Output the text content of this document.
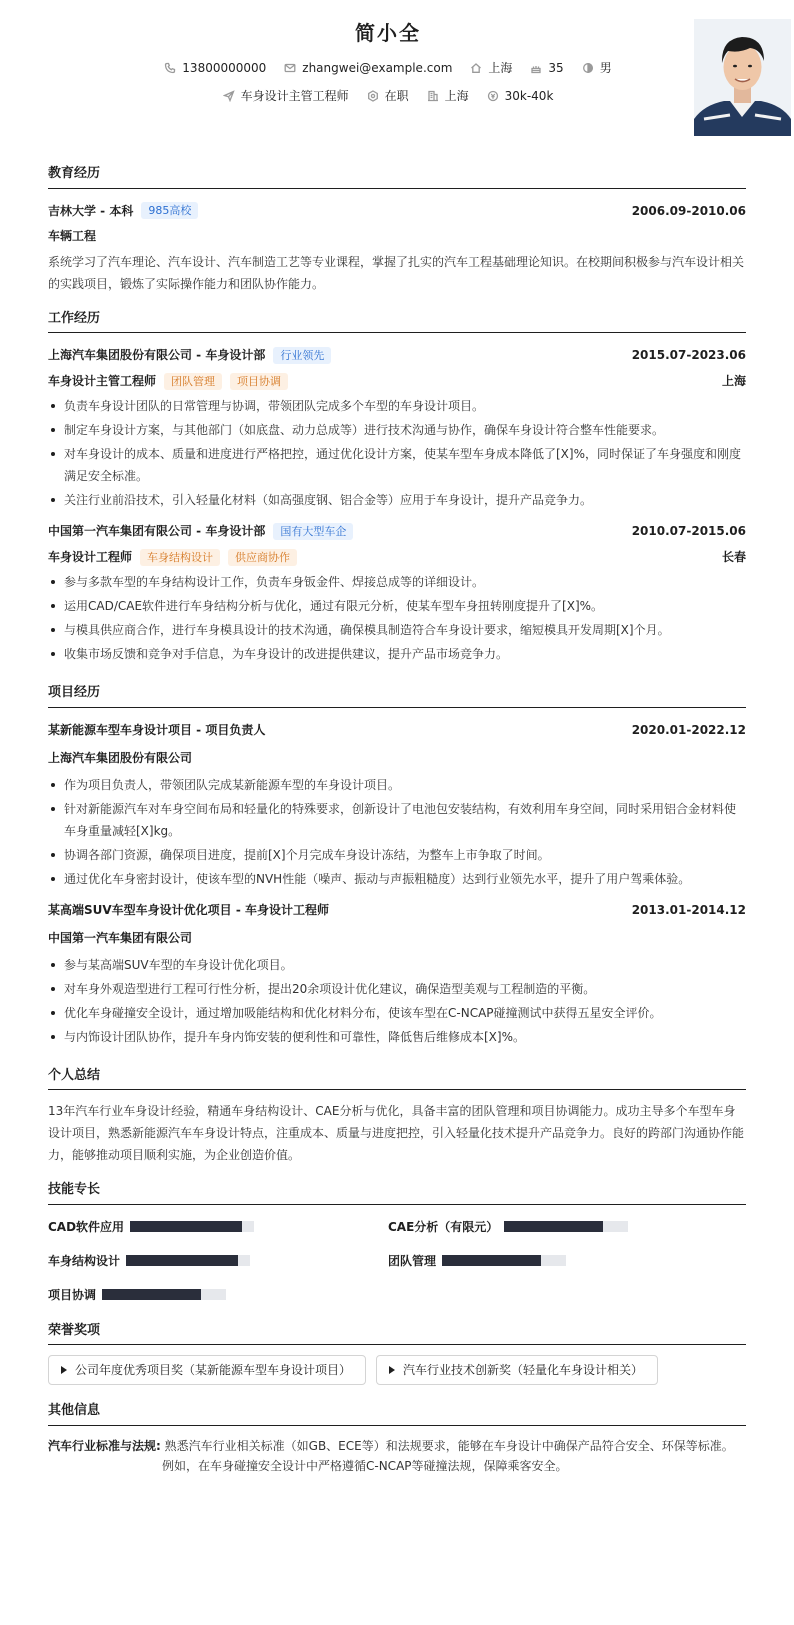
简小全
13800000000	zhangwei@example.com	上海	35	男
车身设计主管工程师	在职	上海	30k-40k
教育经历
吉林大学 - 本科	985高校	2006.09-2010.06
车辆工程
系统学习了汽车理论、汽车设计、汽车制造工艺等专业课程，掌握了扎实的汽车工程基础理论知识。在校期间积极参与汽车设计相关的实践项目，锻炼了实际操作能力和团队协作能力。
工作经历
上海汽车集团股份有限公司 - 车身设计部	行业领先	2015.07-2023.06
车身设计主管工程师	团队管理	项目协调	上海
负责车身设计团队的日常管理与协调，带领团队完成多个车型的车身设计项目。
制定车身设计方案，与其他部门（如底盘、动力总成等）进行技术沟通与协作，确保车身设计符合整车性能要求。
对车身设计的成本、质量和进度进行严格把控，通过优化设计方案，使某车型车身成本降低了[X]%，同时保证了车身强度和刚度满足安全标准。
关注行业前沿技术，引入轻量化材料（如高强度钢、铝合金等）应用于车身设计，提升产品竞争力。
中国第一汽车集团有限公司 - 车身设计部	国有大型车企	2010.07-2015.06
车身设计工程师	车身结构设计	供应商协作	长春
参与多款车型的车身结构设计工作，负责车身钣金件、焊接总成等的详细设计。
运用CAD/CAE软件进行车身结构分析与优化，通过有限元分析，使某车型车身扭转刚度提升了[X]%。
与模具供应商合作，进行车身模具设计的技术沟通，确保模具制造符合车身设计要求，缩短模具开发周期[X]个月。
收集市场反馈和竞争对手信息，为车身设计的改进提供建议，提升产品市场竞争力。
项目经历
某新能源车型车身设计项目 - 项目负责人	2020.01-2022.12
上海汽车集团股份有限公司
作为项目负责人，带领团队完成某新能源车型的车身设计项目。
针对新能源汽车对车身空间布局和轻量化的特殊要求，创新设计了电池包安装结构，有效利用车身空间，同时采用铝合金材料使车身重量减轻[X]kg。
协调各部门资源，确保项目进度，提前[X]个月完成车身设计冻结，为整车上市争取了时间。
通过优化车身密封设计，使该车型的NVH性能（噪声、振动与声振粗糙度）达到行业领先水平，提升了用户驾乘体验。
某高端SUV车型车身设计优化项目 - 车身设计工程师	2013.01-2014.12
中国第一汽车集团有限公司
参与某高端SUV车型的车身设计优化项目。
对车身外观造型进行工程可行性分析，提出20余项设计优化建议，确保造型美观与工程制造的平衡。
优化车身碰撞安全设计，通过增加吸能结构和优化材料分布，使该车型在C-NCAP碰撞测试中获得五星安全评价。
与内饰设计团队协作，提升车身内饰安装的便利性和可靠性，降低售后维修成本[X]%。
个人总结
13年汽车行业车身设计经验，精通车身结构设计、CAE分析与优化，具备丰富的团队管理和项目协调能力。成功主导多个车型车身设计项目，熟悉新能源汽车车身设计特点，注重成本、质量与进度把控，引入轻量化技术提升产品竞争力。良好的跨部门沟通协作能力，能够推动项目顺利实施，为企业创造价值。
技能专长
CAD软件应用	CAE分析（有限元）
车身结构设计	团队管理
项目协调
荣誉奖项
公司年度优秀项目奖（某新能源车型车身设计项目）	汽车行业技术创新奖（轻量化车身设计相关）
其他信息
汽车行业标准与法规: 熟悉汽车行业相关标准（如GB、ECE等）和法规要求，能够在车身设计中确保产品符合安全、环保等标准。
例如，在车身碰撞安全设计中严格遵循C-NCAP等碰撞法规，保障乘客安全。
